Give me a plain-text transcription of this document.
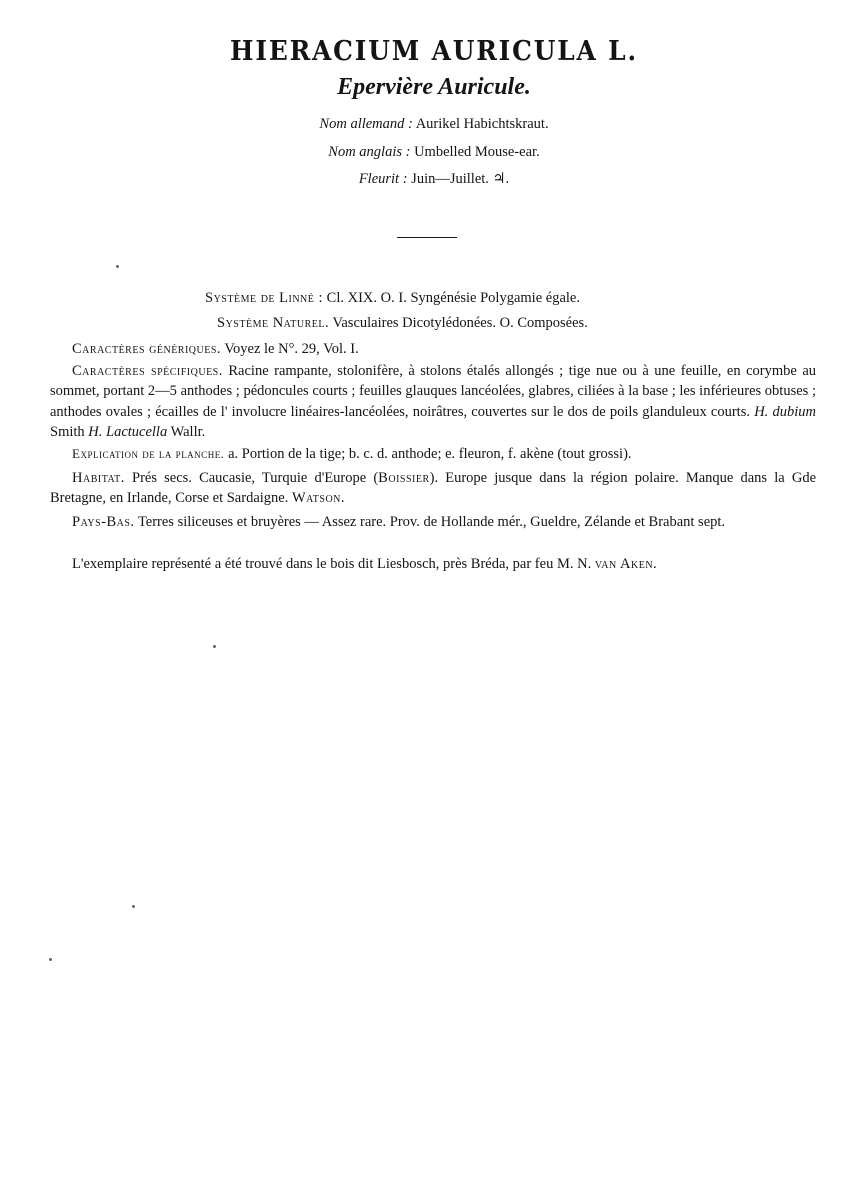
HIERACIUM AURICULA L.
Epervière Auricule.
Nom allemand : Aurikel Habichtskraut.
Nom anglais : Umbelled Mouse-ear.
Fleurit : Juin—Juillet. ♃.
Système de Linné : Cl. XIX. O. I. Syngénésie Polygamie égale.
Système Naturel. Vasculaires Dicotylédonées. O. Composées.
Caractères génériques. Voyez le N°. 29, Vol. I.
Caractères spécifiques. Racine rampante, stolonifère, à stolons étalés allongés ; tige nue ou à une feuille, en corymbe au sommet, portant 2—5 anthodes ; pédoncules courts ; feuilles glauques lancéolées, glabres, ciliées à la base ; les inférieures obtuses ; anthodes ovales ; écailles de l' involucre linéaires-lancéolées, noirâtres, couvertes sur le dos de poils glanduleux courts. H. dubium Smith H. Lactucella Wallr.
Explication de la planche. a. Portion de la tige; b. c. d. anthode; e. fleuron, f. akène (tout grossi).
Habitat. Prés secs. Caucasie, Turquie d'Europe (Boissier). Europe jusque dans la région polaire. Manque dans la Gde Bretagne, en Irlande, Corse et Sardaigne. Watson.
Pays-Bas. Terres siliceuses et bruyères — Assez rare. Prov. de Hollande mér., Gueldre, Zélande et Brabant sept.
L'exemplaire représenté a été trouvé dans le bois dit Liesbosch, près Bréda, par feu M. N. van Aken.
